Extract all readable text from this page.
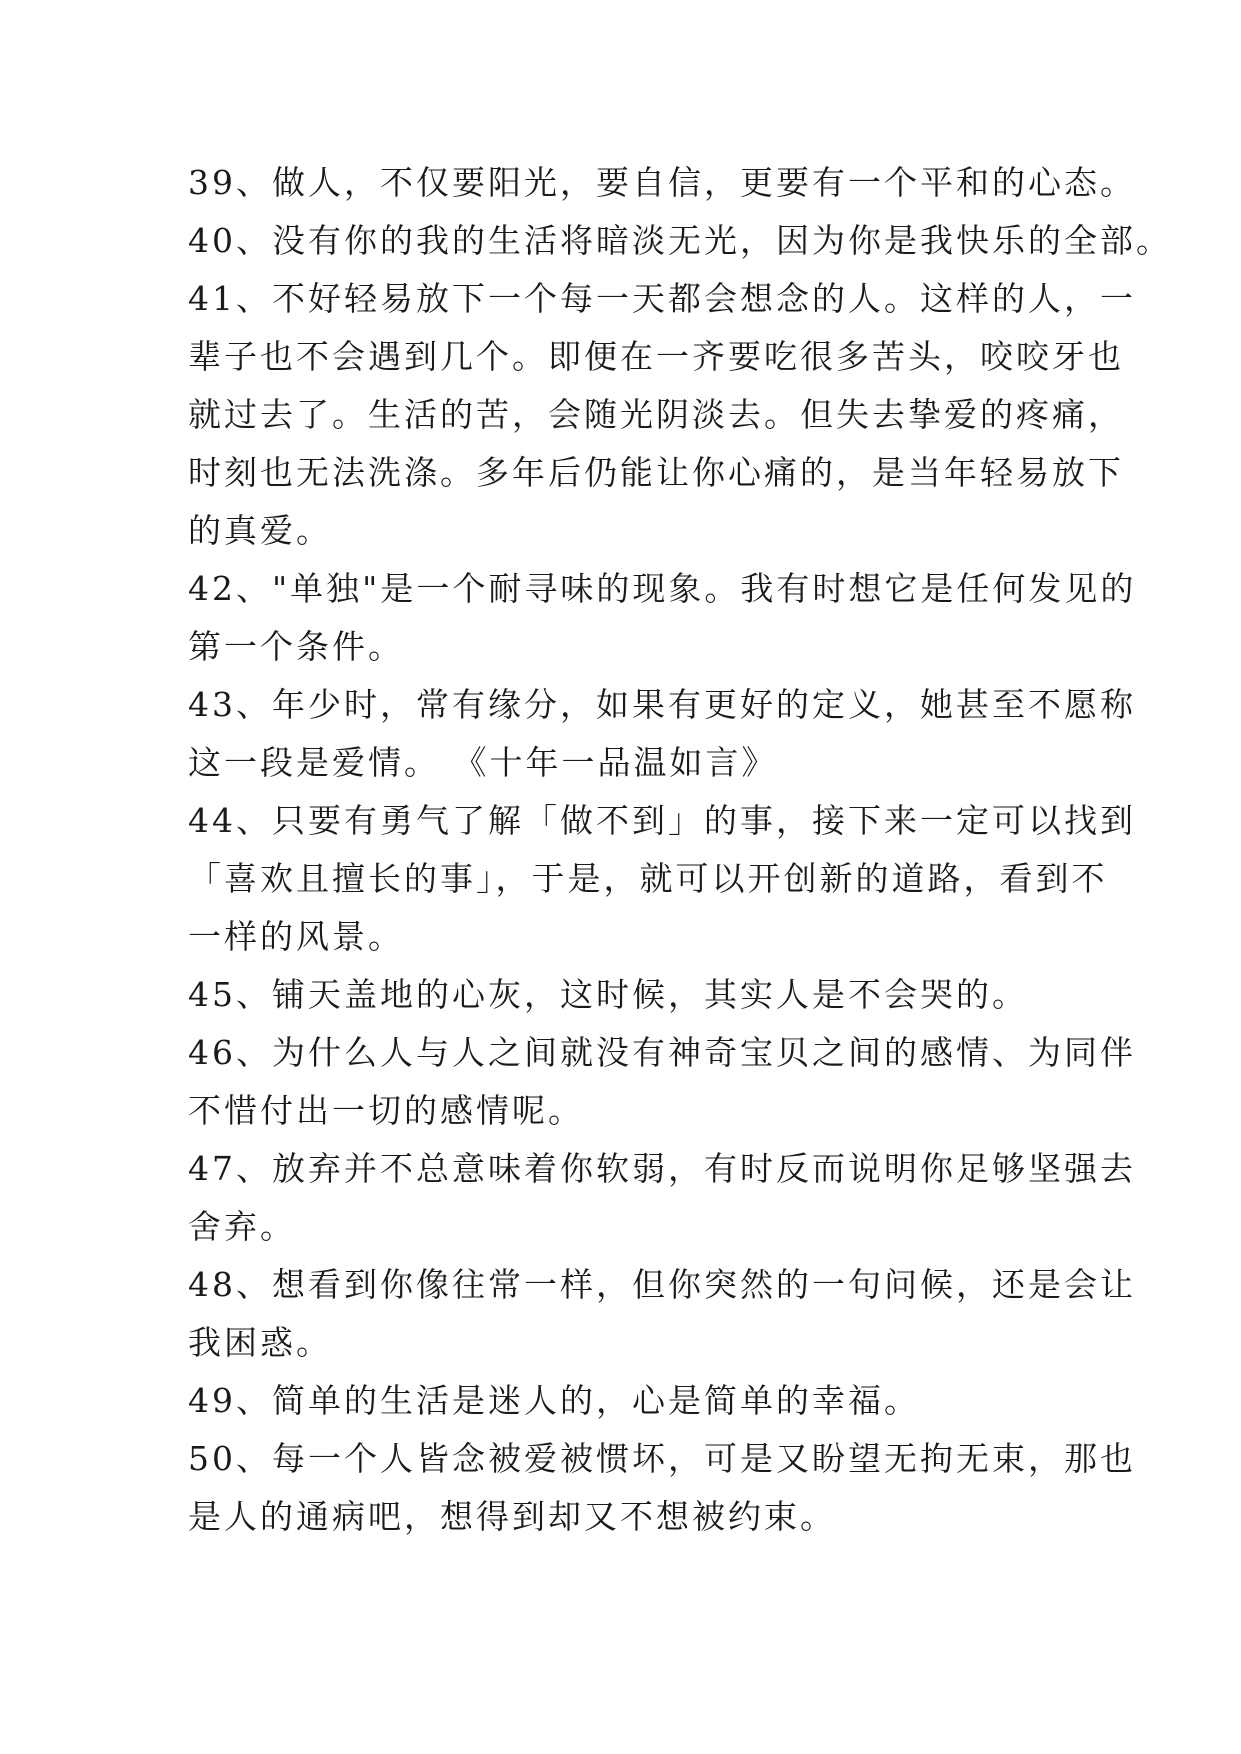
39、做人，不仅要阳光，要自信，更要有一个平和的心态。
40、没有你的我的生活将暗淡无光，因为你是我快乐的全部。
41、不好轻易放下一个每一天都会想念的人。这样的人，一
辈子也不会遇到几个。即便在一齐要吃很多苦头，咬咬牙也
就过去了。生活的苦，会随光阴淡去。但失去挚爱的疼痛，
时刻也无法洗涤。多年后仍能让你心痛的，是当年轻易放下
的真爱。
42、"单独"是一个耐寻味的现象。我有时想它是任何发见的
第一个条件。
43、年少时，常有缘分，如果有更好的定义，她甚至不愿称
这一段是爱情。 《十年一品温如言》
44、只要有勇气了解「做不到」的事，接下来一定可以找到
「喜欢且擅长的事」，于是，就可以开创新的道路，看到不
一样的风景。
45、铺天盖地的心灰，这时候，其实人是不会哭的。
46、为什么人与人之间就没有神奇宝贝之间的感情、为同伴
不惜付出一切的感情呢。
47、放弃并不总意味着你软弱，有时反而说明你足够坚强去
舍弃。
48、想看到你像往常一样，但你突然的一句问候，还是会让
我困惑。
49、简单的生活是迷人的，心是简单的幸福。
50、每一个人皆念被爱被惯坏，可是又盼望无拘无束，那也
是人的通病吧，想得到却又不想被约束。
